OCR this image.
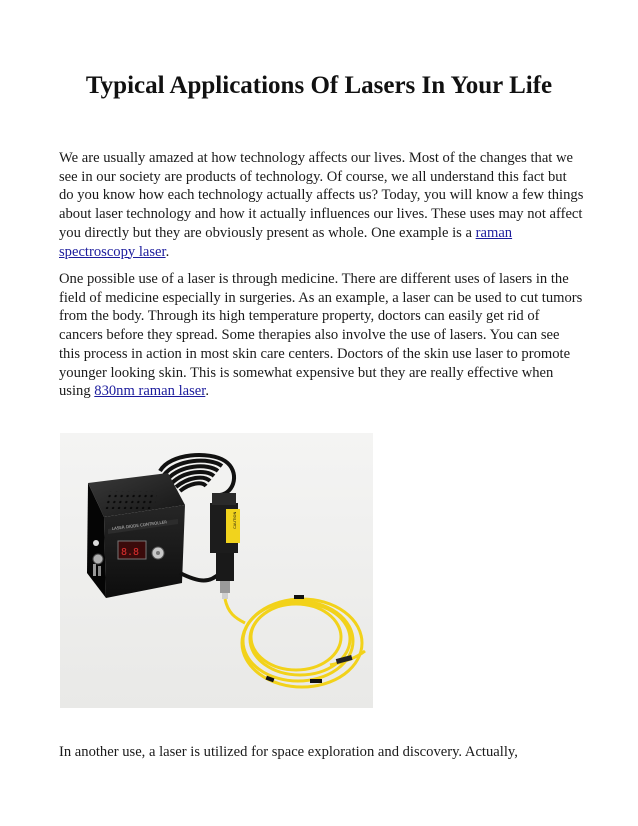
Typical Applications Of Lasers In Your Life

We are usually amazed at how technology affects our lives. Most of the changes that we see in our society are products of technology. Of course, we all understand this fact but do you know how each technology actually affects us? Today, you will know a few things about laser technology and how it actually influences our lives. These uses may not affect you directly but they are obviously present as whole. One example is a raman spectroscopy laser.

One possible use of a laser is through medicine. There are different uses of lasers in the field of medicine especially in surgeries. As an example, a laser can be used to cut tumors from the body. Through its high temperature property, doctors can easily get rid of cancers before they spread. Some therapies also involve the use of lasers. You can see this process in action in most skin care centers. Doctors of the skin use laser to promote younger looking skin. This is somewhat expensive but they are really effective when using 830nm raman laser.

LASER DIODE CONTROLLER
8.8
CAUTION

In another use, a laser is utilized for space exploration and discovery. Actually,
